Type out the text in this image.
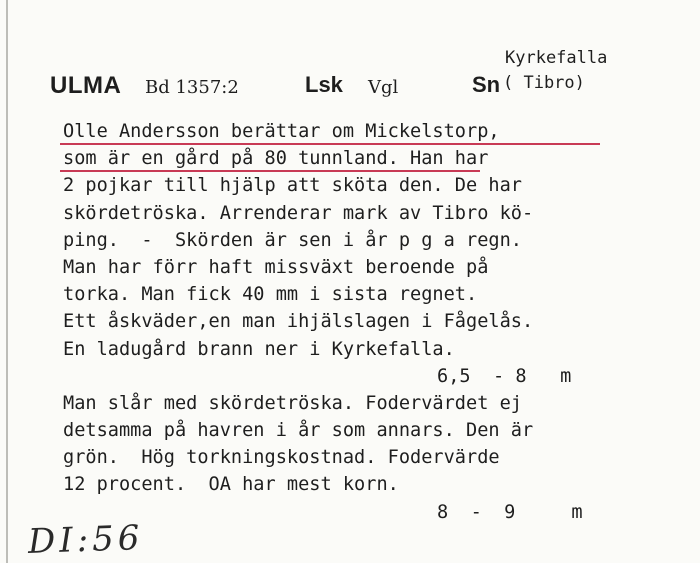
Kyrkefalla
ULMA Bd 1357:2	Lsk Vgl	Sn ( Tibro)
Olle Andersson berättar om Mickelstorp,
som är en gård på 80 tunnland. Han har
2 pojkar till hjälp att sköta den. De har
skördetröska. Arrenderar mark av Tibro kö-
ping.  -  Skörden är sen i år p g a regn.
Man har förr haft missväxt beroende på
torka. Man fick 40 mm i sista regnet.
Ett åskväder,en man ihjälslagen i Fågelås.
En ladugård brann ner i Kyrkefalla.
6,5  - 8   m
Man slår med skördetröska. Fodervärdet ej
detsamma på havren i år som annars. Den är
grön.  Hög torkningskostnad. Fodervärde
12 procent.  OA har mest korn.
8  -  9     m
DI:56
